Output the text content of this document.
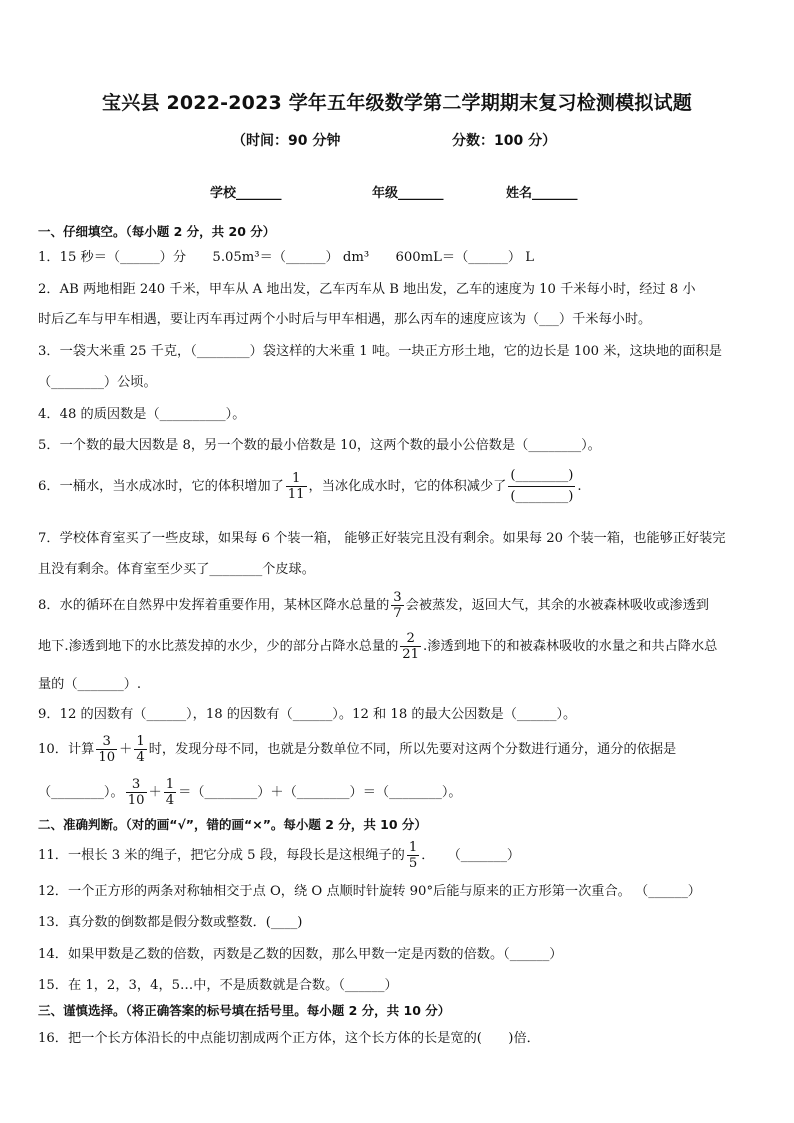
宝兴县 2022-2023 学年五年级数学第二学期期末复习检测模拟试题
（时间：90 分钟	分数：100 分）
学校_______	年级_______	姓名_______
一、仔细填空。（每小题 2 分，共 20 分）
1．15 秒＝（______）分　　5.05m³＝（______） dm³　　600mL＝（______） L
2．AB 两地相距 240 千米，甲车从 A 地出发，乙车丙车从 B 地出发，乙车的速度为 10 千米每小时，经过 8 小
时后乙车与甲车相遇，要让丙车再过两个小时后与甲车相遇，那么丙车的速度应该为（___）千米每小时。
3．一袋大米重 25 千克，（________）袋这样的大米重 1 吨。一块正方形土地，它的边长是 100 米，这块地的面积是
（________）公顷。
4．48 的质因数是（__________）。
5．一个数的最大因数是 8，另一个数的最小倍数是 10，这两个数的最小公倍数是（________）。
6．一桶水，当水成冰时，它的体积增加了 $\frac{1}{11}$ ，当冰化成水时，它的体积减少了 $\frac{(\_\_\_\_\_\_\_\_)}{(\_\_\_\_\_\_\_\_)}$ .
7．学校体育室买了一些皮球，如果每 6 个装一箱， 能够正好装完且没有剩余。如果每 20 个装一箱，也能够正好装完
且没有剩余。体育室至少买了________个皮球。
8．水的循环在自然界中发挥着重要作用，某林区降水总量的 $\frac{3}{7}$ 会被蒸发，返回大气，其余的水被森林吸收或渗透到
地下.渗透到地下的水比蒸发掉的水少，少的部分占降水总量的 $\frac{2}{21}$ .渗透到地下的和被森林吸收的水量之和共占降水总
量的（_______）.
9．12 的因数有（______），18 的因数有（______）。12 和 18 的最大公因数是（______）。
10．计算 $\frac{3}{10} + \frac{1}{4}$ 时，发现分母不同，也就是分数单位不同，所以先要对这两个分数进行通分，通分的依据是
（________）。 $\frac{3}{10} + \frac{1}{4}$ ＝（________）＋（________）＝（________）。
二、准确判断。（对的画“√”，错的画“×”。每小题 2 分，共 10 分）
11．一根长 3 米的绳子，把它分成 5 段，每段长是这根绳子的 $\frac{1}{5}$ ．　　（_______）
12．一个正方形的两条对称轴相交于点 O，绕 O 点顺时针旋转 90°后能与原来的正方形第一次重合。 （______）
13．真分数的倒数都是假分数或整数．(____)
14．如果甲数是乙数的倍数，丙数是乙数的因数，那么甲数一定是丙数的倍数。（______）
15．在 1，2，3，4，5…中，不是质数就是合数。（______）
三、谨慎选择。（将正确答案的标号填在括号里。每小题 2 分，共 10 分）
16．把一个长方体沿长的中点能切割成两个正方体，这个长方体的长是宽的(　　)倍．
